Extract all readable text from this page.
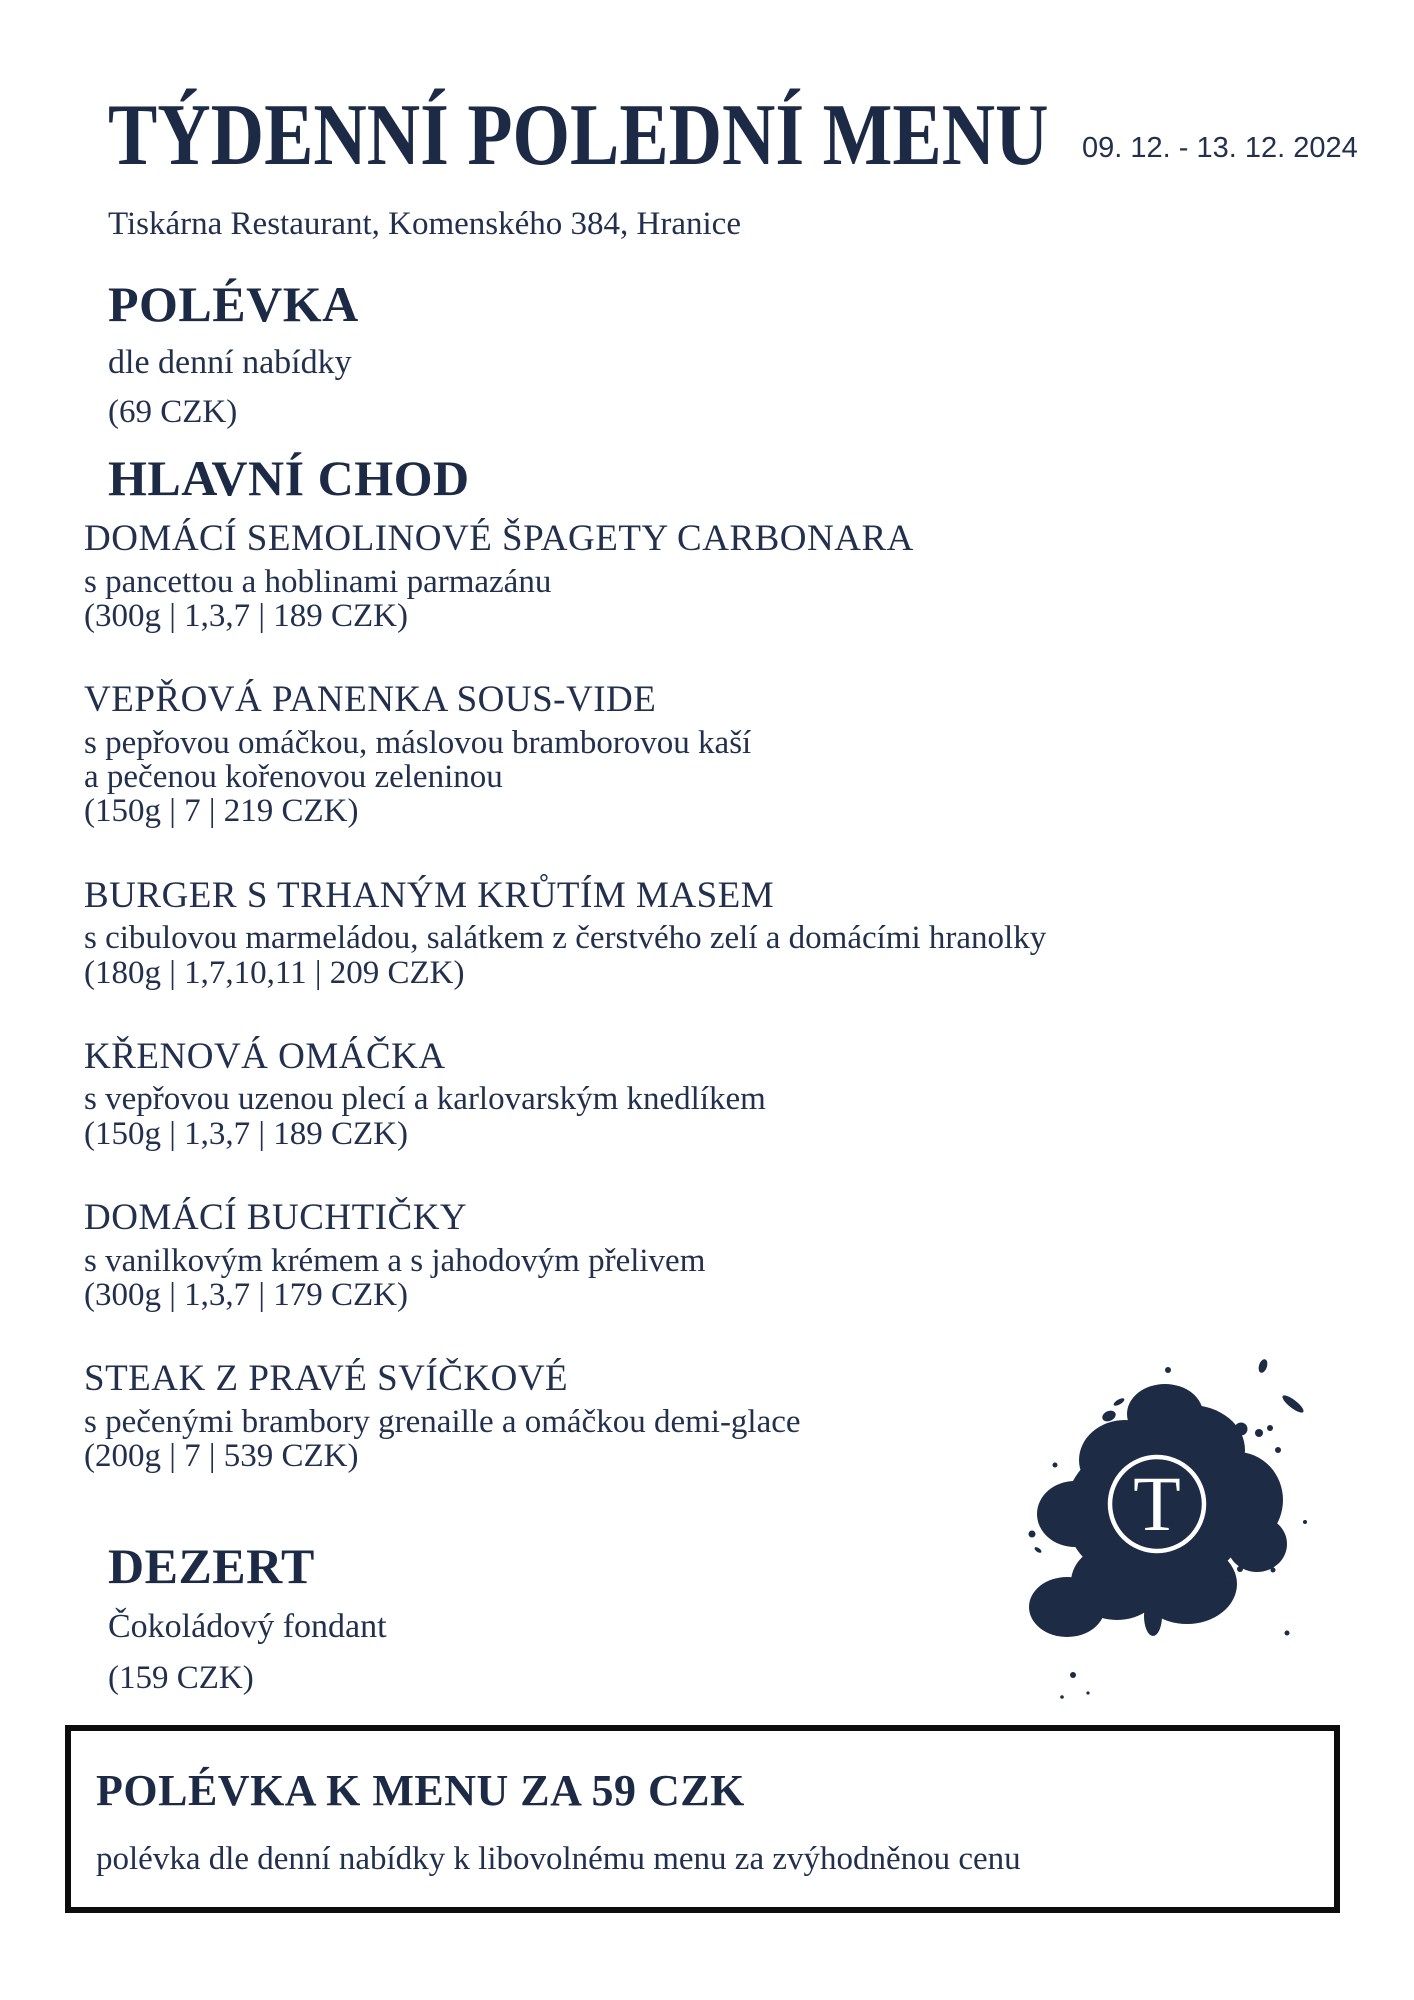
TÝDENNÍ POLEDNÍ MENU 09. 12. - 13. 12. 2024
Tiskárna Restaurant, Komenského 384, Hranice
POLÉVKA
dle denní nabídky
(69 CZK)
HLAVNÍ CHOD
DOMÁCÍ SEMOLINOVÉ ŠPAGETY CARBONARA
s pancettou a hoblinami parmazánu
(300g | 1,3,7 | 189 CZK)
VEPŘOVÁ PANENKA SOUS-VIDE
s pepřovou omáčkou, máslovou bramborovou kaší
a pečenou kořenovou zeleninou
(150g | 7 | 219 CZK)
BURGER S TRHANÝM KRŮTÍM MASEM
s cibulovou marmeládou, salátkem z čerstvého zelí a domácími hranolky
(180g | 1,7,10,11 | 209 CZK)
KŘENOVÁ OMÁČKA
s vepřovou uzenou plecí a karlovarským knedlíkem
(150g | 1,3,7 | 189 CZK)
DOMÁCÍ BUCHTIČKY
s vanilkovým krémem a s jahodovým přelivem
(300g | 1,3,7 | 179 CZK)
STEAK Z PRAVÉ SVÍČKOVÉ
s pečenými brambory grenaille a omáčkou demi-glace
(200g | 7 | 539 CZK)
T
DEZERT
Čokoládový fondant
(159 CZK)
POLÉVKA K MENU ZA 59 CZK
polévka dle denní nabídky k libovolnému menu za zvýhodněnou cenu
